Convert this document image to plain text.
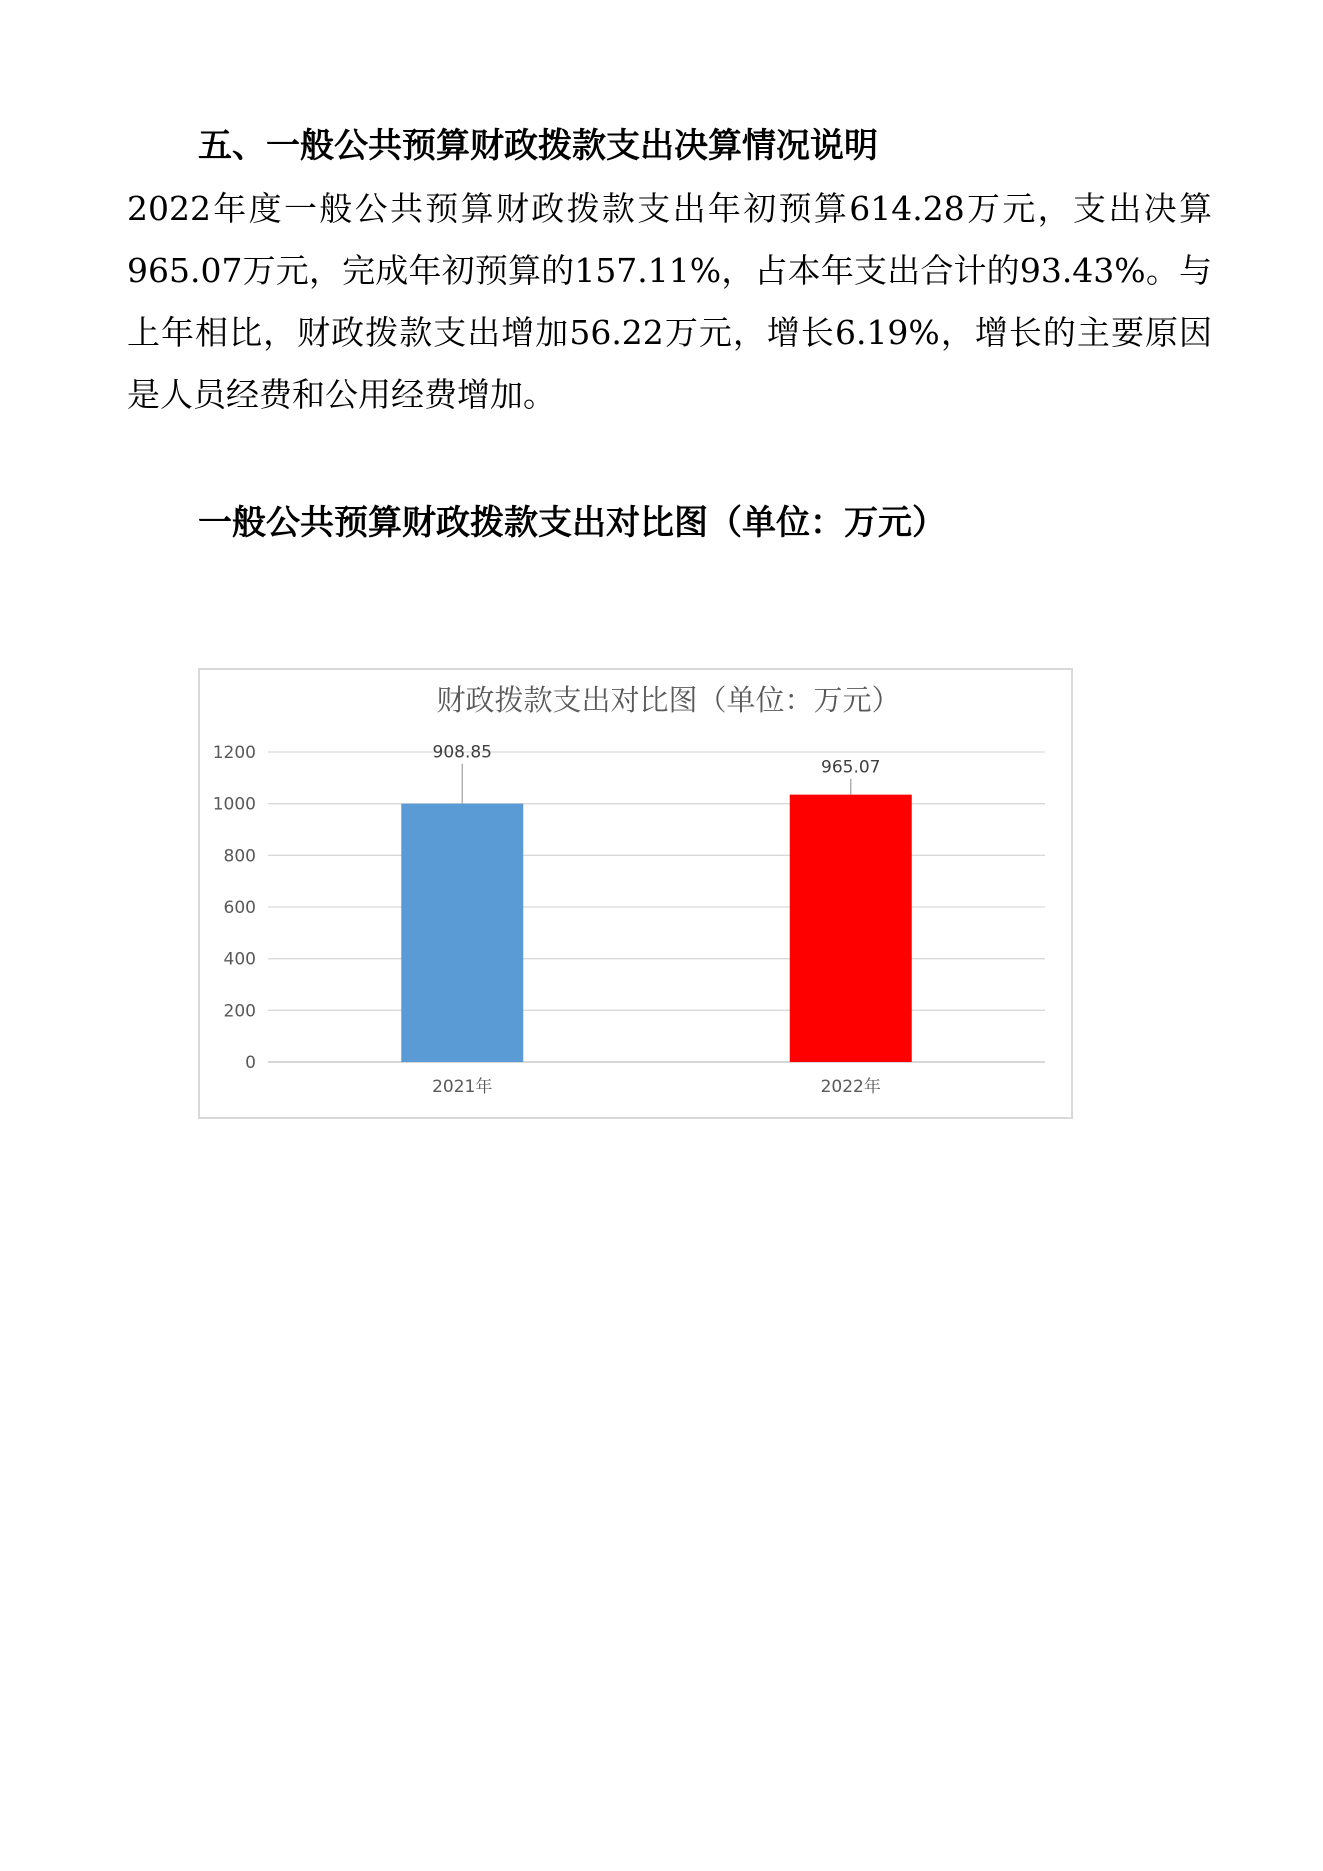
五、一般公共预算财政拨款支出决算情况说明

2022年度一般公共预算财政拨款支出年初预算614.28万元，支出决算965.07万元，完成年初预算的157.11%，占本年支出合计的93.43%。与上年相比，财政拨款支出增加56.22万元，增长6.19%，增长的主要原因是人员经费和公用经费增加。

一般公共预算财政拨款支出对比图（单位：万元）
财政拨款支出对比图（单位：万元）
0
200
400
600
800
1000
1200
2021年
908.85
2022年
965.07
